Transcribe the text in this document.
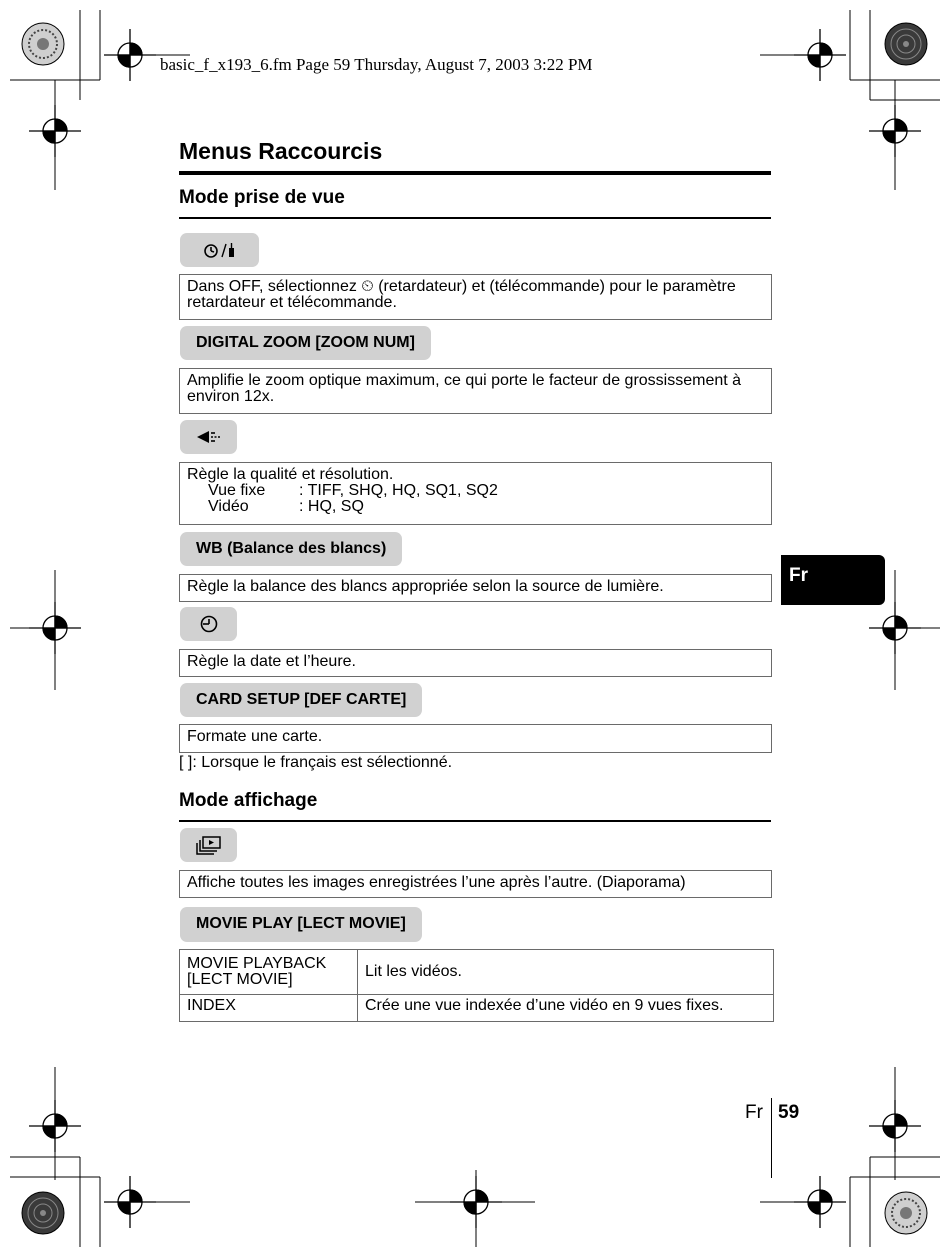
basic_f_x193_6.fm Page 59 Thursday, August 7, 2003 3:22 PM
Menus Raccourcis
Mode prise de vue
Dans OFF, sélectionnez ⏲ (retardateur) et (télécommande) pour le paramètre retardateur et télécommande.
DIGITAL ZOOM [ZOOM NUM]
Amplifie le zoom optique maximum, ce qui porte le facteur de grossissement à environ 12x.
Règle la qualité et résolution.
Vue fixe	: TIFF, SHQ, HQ, SQ1, SQ2
Vidéo	: HQ, SQ
WB (Balance des blancs)
Règle la balance des blancs appropriée selon la source de lumière.
Règle la date et l’heure.
CARD SETUP [DEF CARTE]
Formate une carte.
[ ]: Lorsque le français est sélectionné.
Mode affichage
Affiche toutes les images enregistrées l’une après l’autre. (Diaporama)
MOVIE PLAY [LECT MOVIE]
MOVIE PLAYBACK [LECT MOVIE]	Lit les vidéos.
INDEX	Crée une vue indexée d’une vidéo en 9 vues fixes.
Fr
Fr 59
